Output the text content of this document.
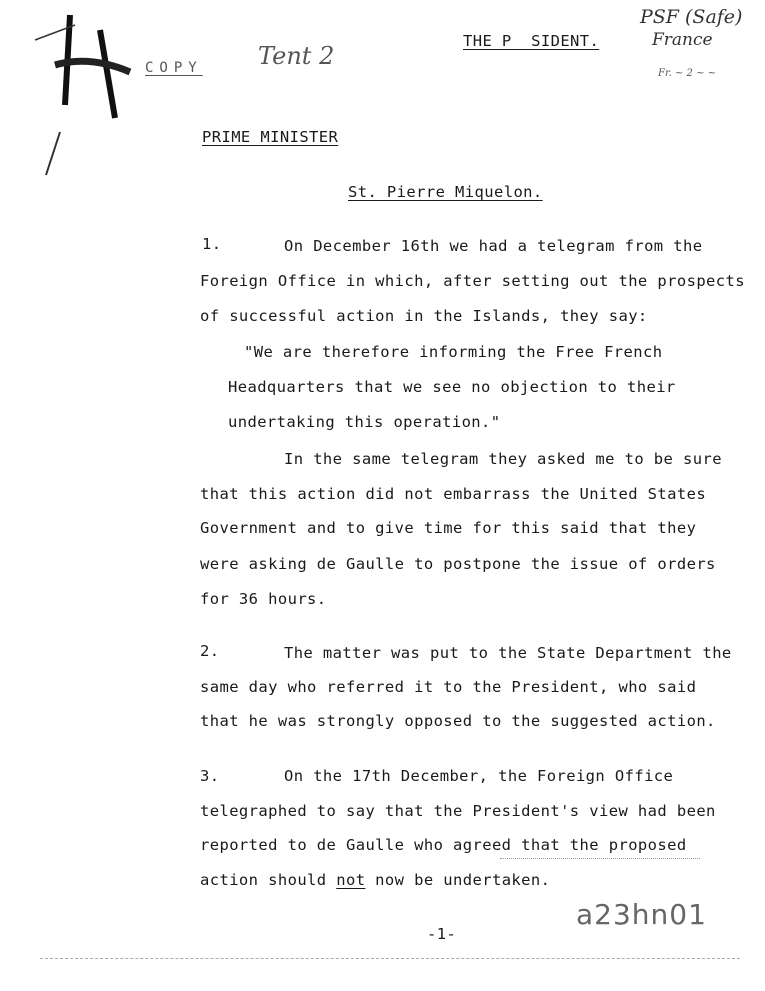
COPY Tent 2
THE P  SIDENT.
PSF (Safe)
France
Fr. ~ 2 ~ ~
PRIME MINISTER
St. Pierre Miquelon.
1.	On December 16th we had a telegram from the
Foreign Office in which, after setting out the prospects
of successful action in the Islands, they say:
"We are therefore informing the Free French
Headquarters that we see no objection to their
undertaking this operation."
In the same telegram they asked me to be sure
that this action did not embarrass the United States
Government and to give time for this said that they
were asking de Gaulle to postpone the issue of orders
for 36 hours.
2.	The matter was put to the State Department the
same day who referred it to the President, who said
that he was strongly opposed to the suggested action.
3.	On the 17th December, the Foreign Office
telegraphed to say that the President's view had been
reported to de Gaulle who agreed that the proposed
action should not now be undertaken.
a23hn01
-1-
